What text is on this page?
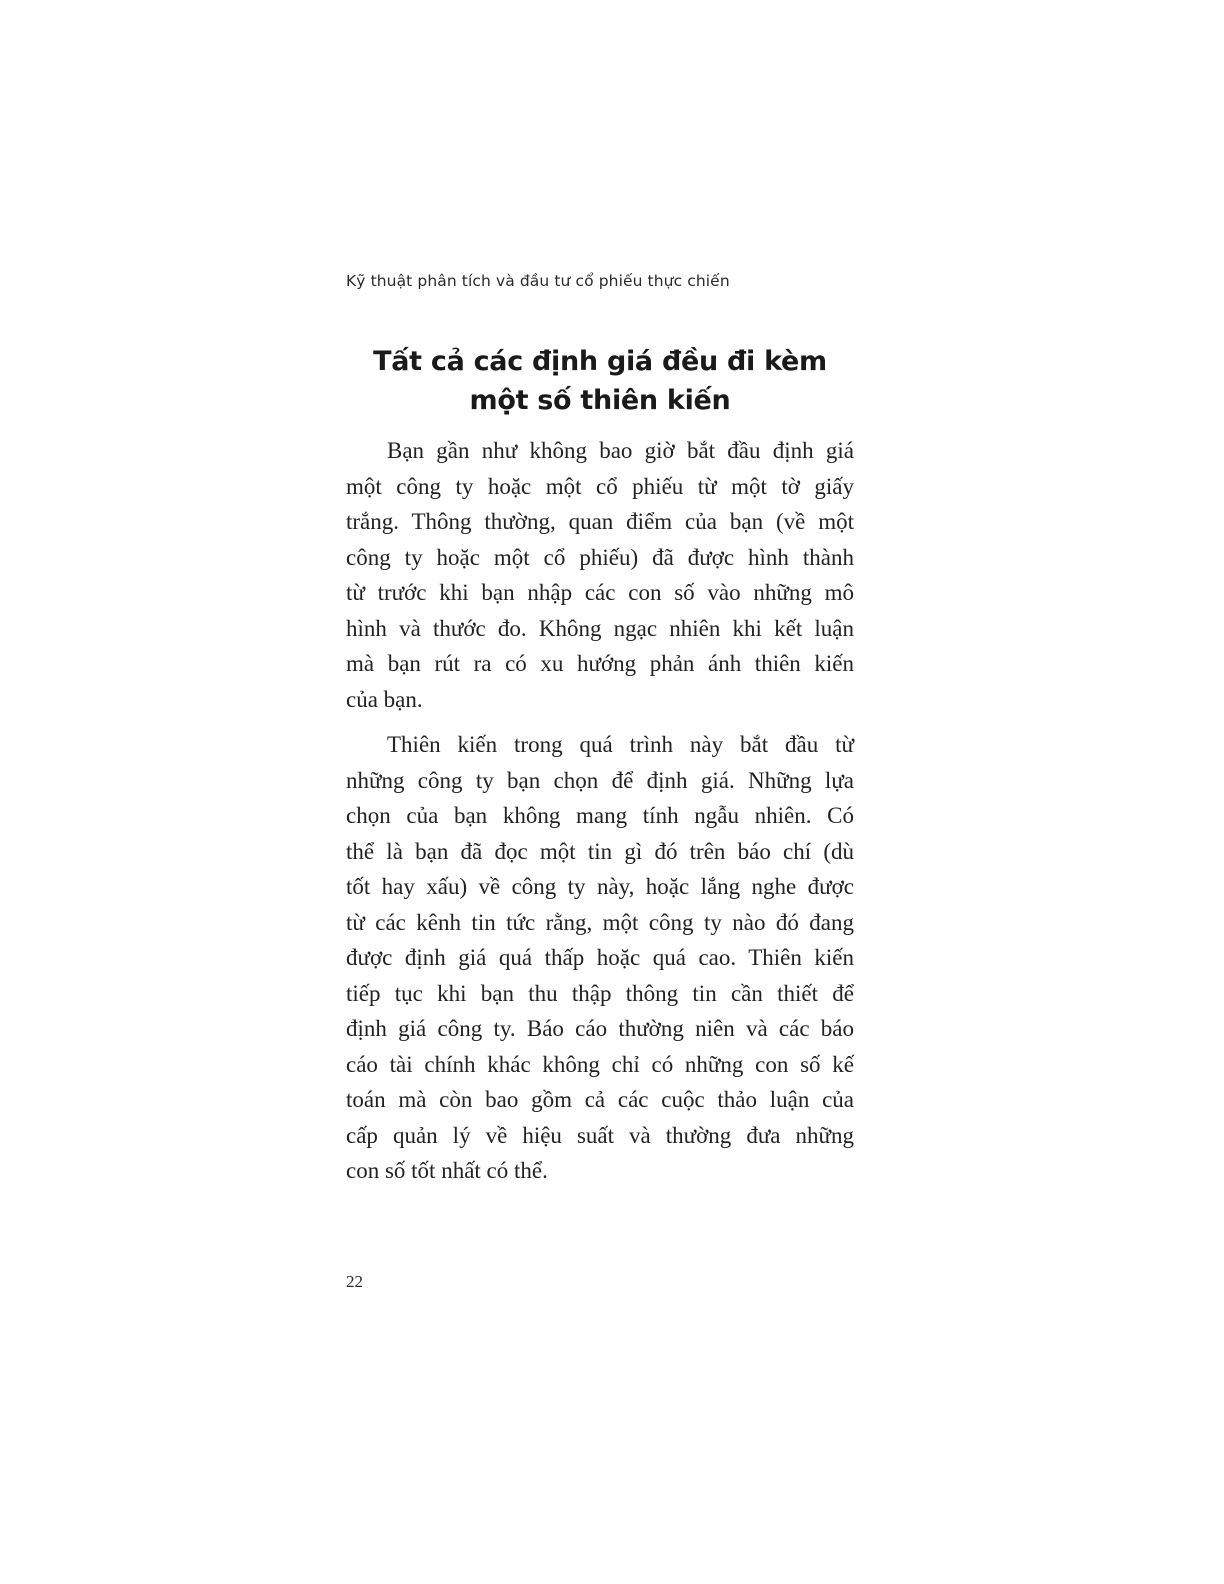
Kỹ thuật phân tích và đầu tư cổ phiếu thực chiến
Tất cả các định giá đều đi kèm
một số thiên kiến

Bạn gần như không bao giờ bắt đầu định giá
một công ty hoặc một cổ phiếu từ một tờ giấy
trắng. Thông thường, quan điểm của bạn (về một
công ty hoặc một cổ phiếu) đã được hình thành
từ trước khi bạn nhập các con số vào những mô
hình và thước đo. Không ngạc nhiên khi kết luận
mà bạn rút ra có xu hướng phản ánh thiên kiến
của bạn.

Thiên kiến trong quá trình này bắt đầu từ
những công ty bạn chọn để định giá. Những lựa
chọn của bạn không mang tính ngẫu nhiên. Có
thể là bạn đã đọc một tin gì đó trên báo chí (dù
tốt hay xấu) về công ty này, hoặc lắng nghe được
từ các kênh tin tức rằng, một công ty nào đó đang
được định giá quá thấp hoặc quá cao. Thiên kiến
tiếp tục khi bạn thu thập thông tin cần thiết để
định giá công ty. Báo cáo thường niên và các báo
cáo tài chính khác không chỉ có những con số kế
toán mà còn bao gồm cả các cuộc thảo luận của
cấp quản lý về hiệu suất và thường đưa những
con số tốt nhất có thể.

22
